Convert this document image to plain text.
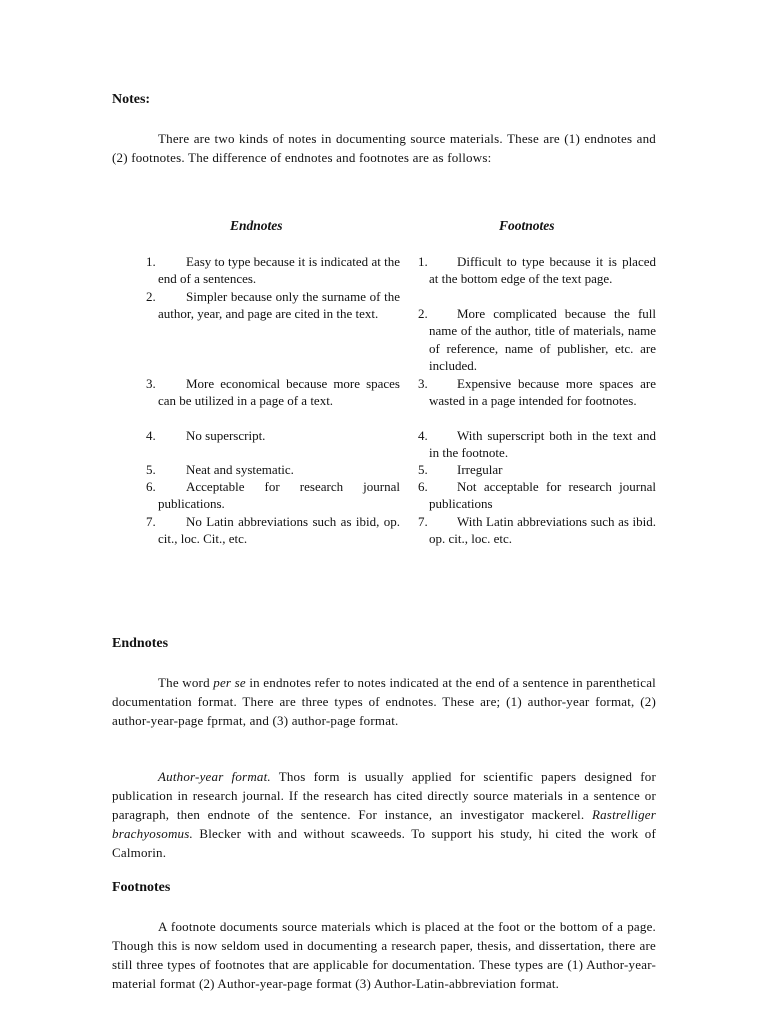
Notes:
There are two kinds of notes in documenting source materials. These are (1) endnotes and (2) footnotes. The difference of endnotes and footnotes are as follows:
Endnotes	Footnotes
1. Easy to type because it is indicated at the end of a sentences.
2. Simpler because only the surname of the author, year, and page are cited in the text.
3. More economical because more spaces can be utilized in a page of a text.
4. No superscript.
5. Neat and systematic.
6. Acceptable for research journal publications.
7. No Latin abbreviations such as ibid, op. cit., loc. Cit., etc.
1. Difficult to type because it is placed at the bottom edge of the text page.
2. More complicated because the full name of the author, title of materials, name of reference, name of publisher, etc. are included.
3. Expensive because more spaces are wasted in a page intended for footnotes.
4. With superscript both in the text and in the footnote.
5. Irregular
6. Not acceptable for research journal publications
7. With Latin abbreviations such as ibid. op. cit., loc. etc.
Endnotes
The word per se in endnotes refer to notes indicated at the end of a sentence in parenthetical documentation format. There are three types of endnotes. These are; (1) author-year format, (2) author-year-page fprmat, and (3) author-page format.
Author-year format. Thos form is usually applied for scientific papers designed for publication in research journal. If the research has cited directly source materials in a sentence or paragraph, then endnote of the sentence. For instance, an investigator mackerel. Rastrelliger brachyosomus. Blecker with and without scaweeds. To support his study, hi cited the work of Calmorin.
Footnotes
A footnote documents source materials which is placed at the foot or the bottom of a page. Though this is now seldom used in documenting a research paper, thesis, and dissertation, there are still three types of footnotes that are applicable for documentation. These types are (1) Author-year-material format (2) Author-year-page format (3) Author-Latin-abbreviation format.
